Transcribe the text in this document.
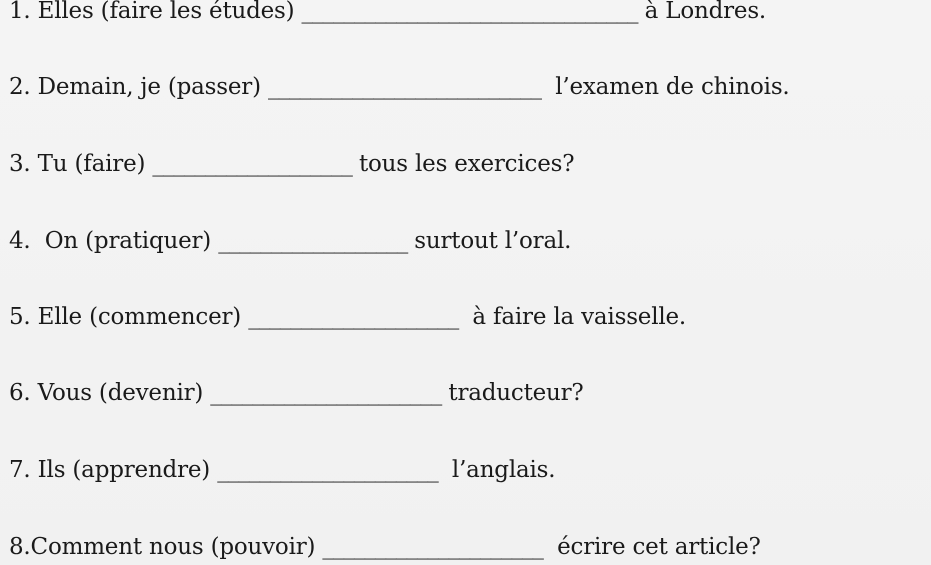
1. Elles (faire les études) ________________________________ à Londres.
2. Demain, je (passer) __________________________  l’examen de chinois.
3. Tu (faire) ___________________ tous les exercices?
4.  On (pratiquer) __________________ surtout l’oral.
5. Elle (commencer) ____________________  à faire la vaisselle.
6. Vous (devenir) ______________________ traducteur?
7. Ils (apprendre) _____________________  l’anglais.
8.Comment nous (pouvoir) _____________________  écrire cet article?
